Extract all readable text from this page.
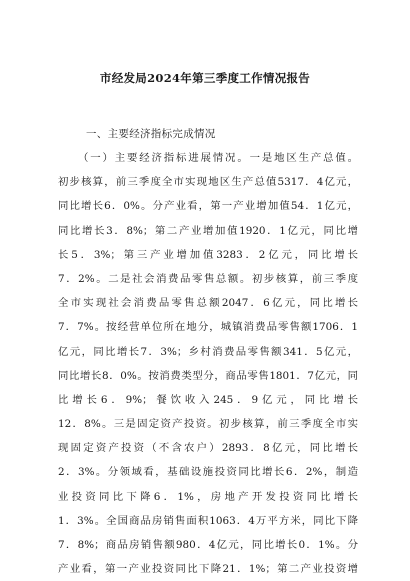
市经发局2024年第三季度工作情况报告
一、主要经济指标完成情况
（一）主要经济指标进展情况。一是地区生产总值。
初步核算，前三季度全市实现地区生产总值5317．4亿元，
同比增长6．0%。分产业看，第一产业增加值54．1亿元，
同比增长3．8%；第二产业增加值1920．1亿元，同比增
长5．3%；第三产业增加值3283．2亿元，同比增长
7．2%。二是社会消费品零售总额。初步核算，前三季度
全市实现社会消费品零售总额2047．6亿元，同比增长
7．7%。按经营单位所在地分，城镇消费品零售额1706．1
亿元，同比增长7．3%；乡村消费品零售额341．5亿元，
同比增长8．0%。按消费类型分，商品零售1801．7亿元，同
比增长6．9%；餐饮收入245．9亿元，同比增长
12．8%。三是固定资产投资。初步核算，前三季度全市实
现固定资产投资（不含农户）2893．8亿元，同比增长
2．3%。分领域看，基础设施投资同比增长6．2%，制造
业投资同比下降6．1%，房地产开发投资同比增长
1．3%。全国商品房销售面积1063．4万平方米，同比下降
7．8%；商品房销售额980．4亿元，同比增长0．1%。分
产业看，第一产业投资同比下降21．1%；第二产业投资增
